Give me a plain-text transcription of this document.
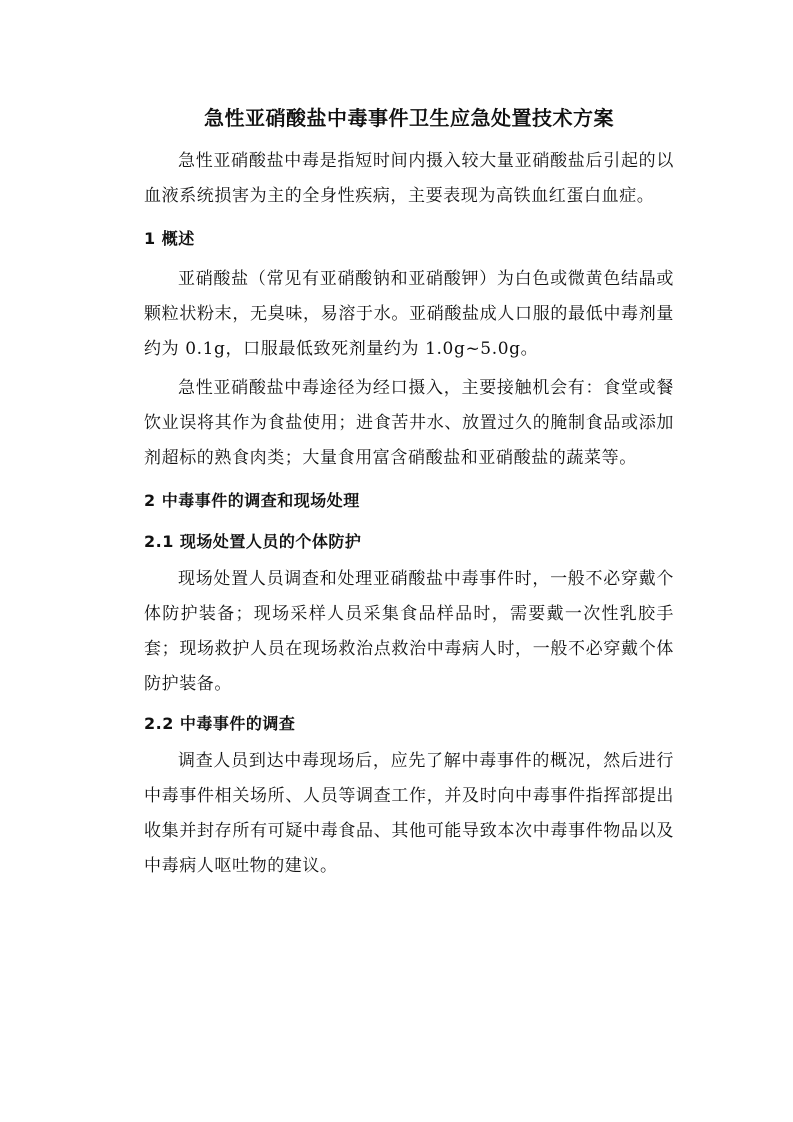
急性亚硝酸盐中毒事件卫生应急处置技术方案

急性亚硝酸盐中毒是指短时间内摄入较大量亚硝酸盐后引起的以血液系统损害为主的全身性疾病，主要表现为高铁血红蛋白血症。

1 概述

亚硝酸盐（常见有亚硝酸钠和亚硝酸钾）为白色或微黄色结晶或颗粒状粉末，无臭味，易溶于水。亚硝酸盐成人口服的最低中毒剂量约为 0.1g，口服最低致死剂量约为 1.0g~5.0g。

急性亚硝酸盐中毒途径为经口摄入，主要接触机会有：食堂或餐饮业误将其作为食盐使用；进食苦井水、放置过久的腌制食品或添加剂超标的熟食肉类；大量食用富含硝酸盐和亚硝酸盐的蔬菜等。

2 中毒事件的调查和现场处理
2.1 现场处置人员的个体防护

现场处置人员调查和处理亚硝酸盐中毒事件时，一般不必穿戴个体防护装备；现场采样人员采集食品样品时，需要戴一次性乳胶手套；现场救护人员在现场救治点救治中毒病人时，一般不必穿戴个体防护装备。

2.2 中毒事件的调查

调查人员到达中毒现场后，应先了解中毒事件的概况，然后进行中毒事件相关场所、人员等调查工作，并及时向中毒事件指挥部提出收集并封存所有可疑中毒食品、其他可能导致本次中毒事件物品以及中毒病人呕吐物的建议。
